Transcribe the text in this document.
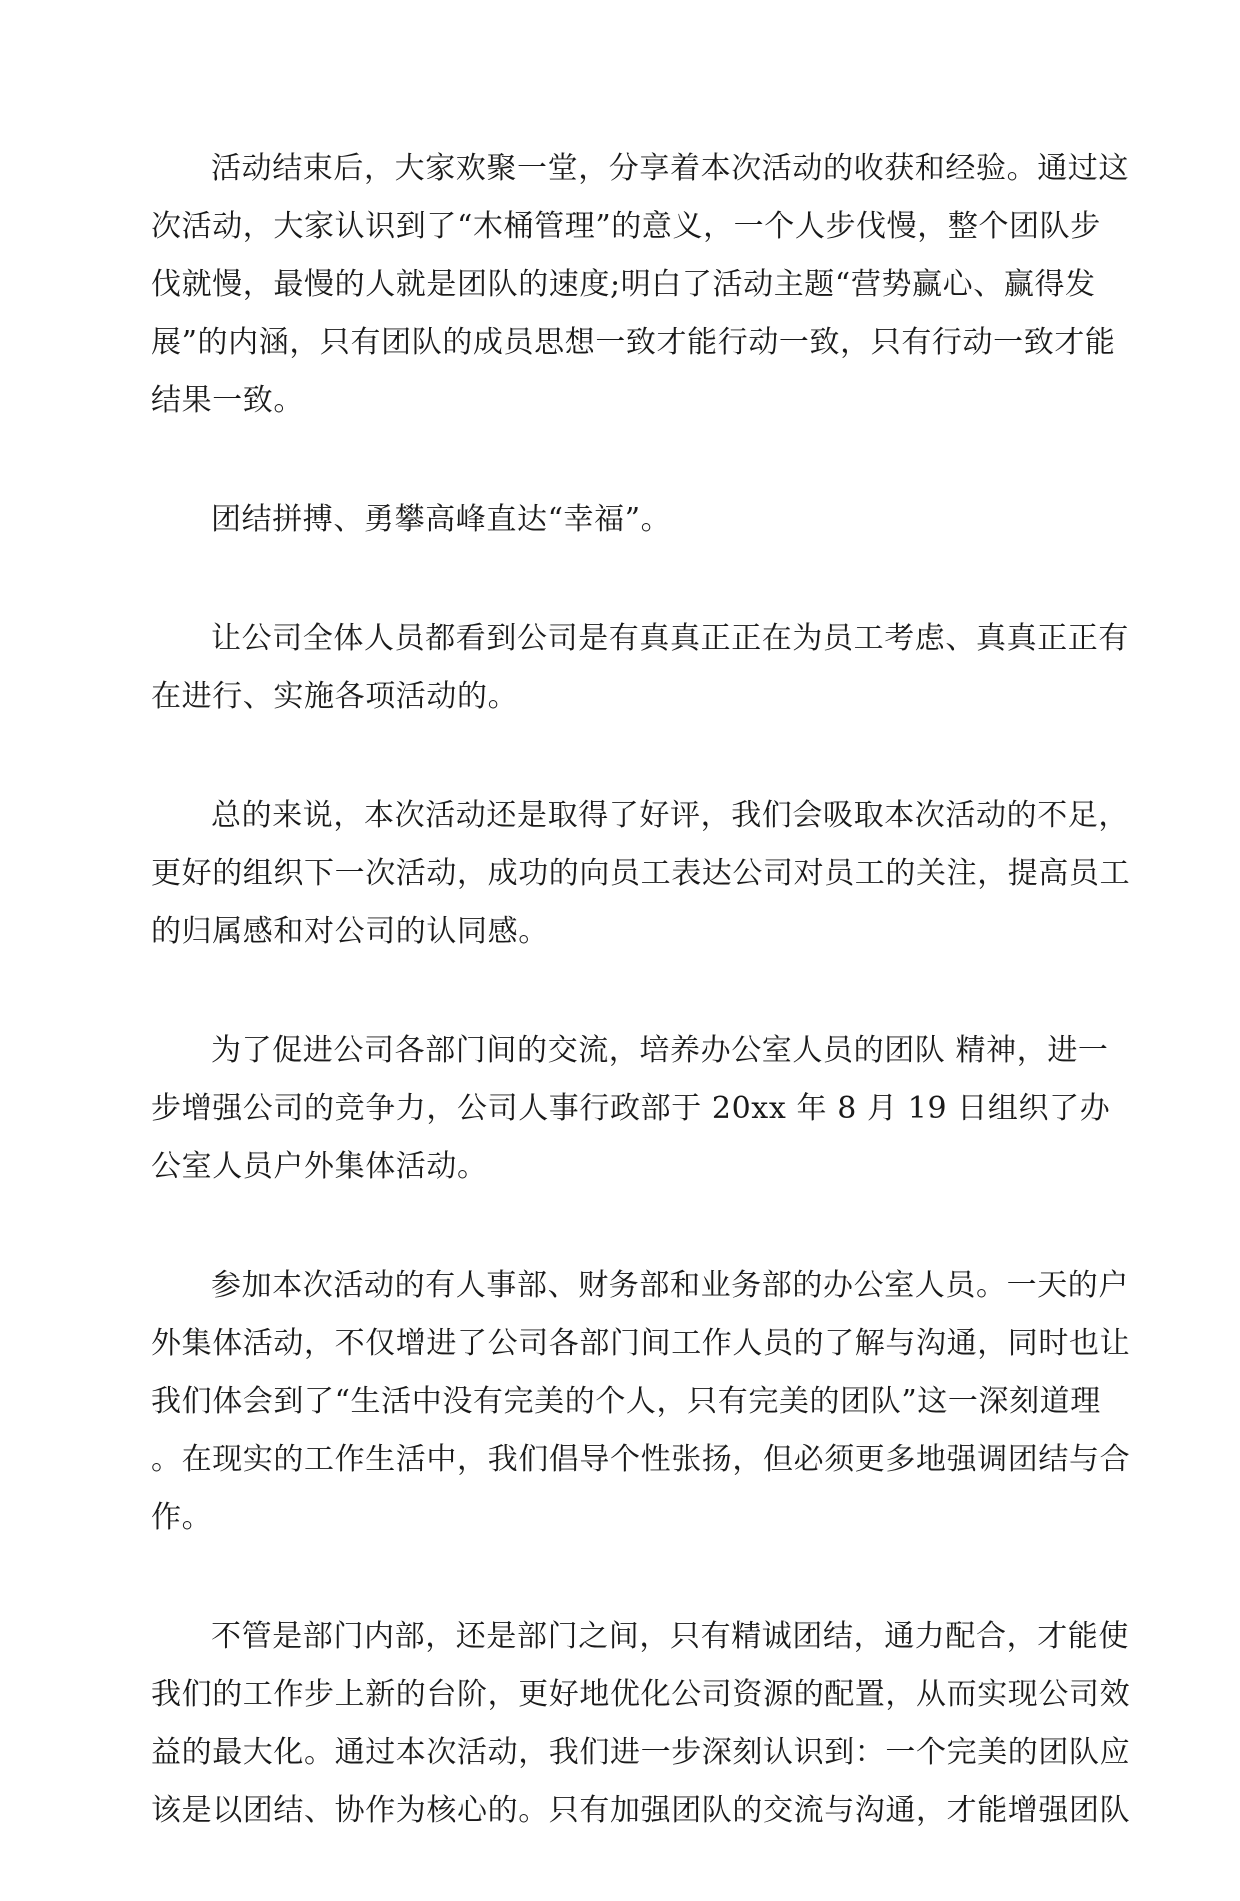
活动结束后，大家欢聚一堂，分享着本次活动的收获和经验。通过这
次活动，大家认识到了“木桶管理”的意义，一个人步伐慢，整个团队步
伐就慢，最慢的人就是团队的速度;明白了活动主题“营势赢心、赢得发
展”的内涵，只有团队的成员思想一致才能行动一致，只有行动一致才能
结果一致。
团结拼搏、勇攀高峰直达“幸福”。
让公司全体人员都看到公司是有真真正正在为员工考虑、真真正正有
在进行、实施各项活动的。
总的来说，本次活动还是取得了好评，我们会吸取本次活动的不足，
更好的组织下一次活动，成功的向员工表达公司对员工的关注，提高员工
的归属感和对公司的认同感。
为了促进公司各部门间的交流，培养办公室人员的团队 精神，进一
步增强公司的竞争力，公司人事行政部于 20xx 年 8 月 19 日组织了办
公室人员户外集体活动。
参加本次活动的有人事部、财务部和业务部的办公室人员。一天的户
外集体活动，不仅增进了公司各部门间工作人员的了解与沟通，同时也让
我们体会到了“生活中没有完美的个人，只有完美的团队”这一深刻道理
。在现实的工作生活中，我们倡导个性张扬，但必须更多地强调团结与合
作。
不管是部门内部，还是部门之间，只有精诚团结，通力配合，才能使
我们的工作步上新的台阶，更好地优化公司资源的配置，从而实现公司效
益的最大化。通过本次活动，我们进一步深刻认识到：一个完美的团队应
该是以团结、协作为核心的。只有加强团队的交流与沟通，才能增强团队
